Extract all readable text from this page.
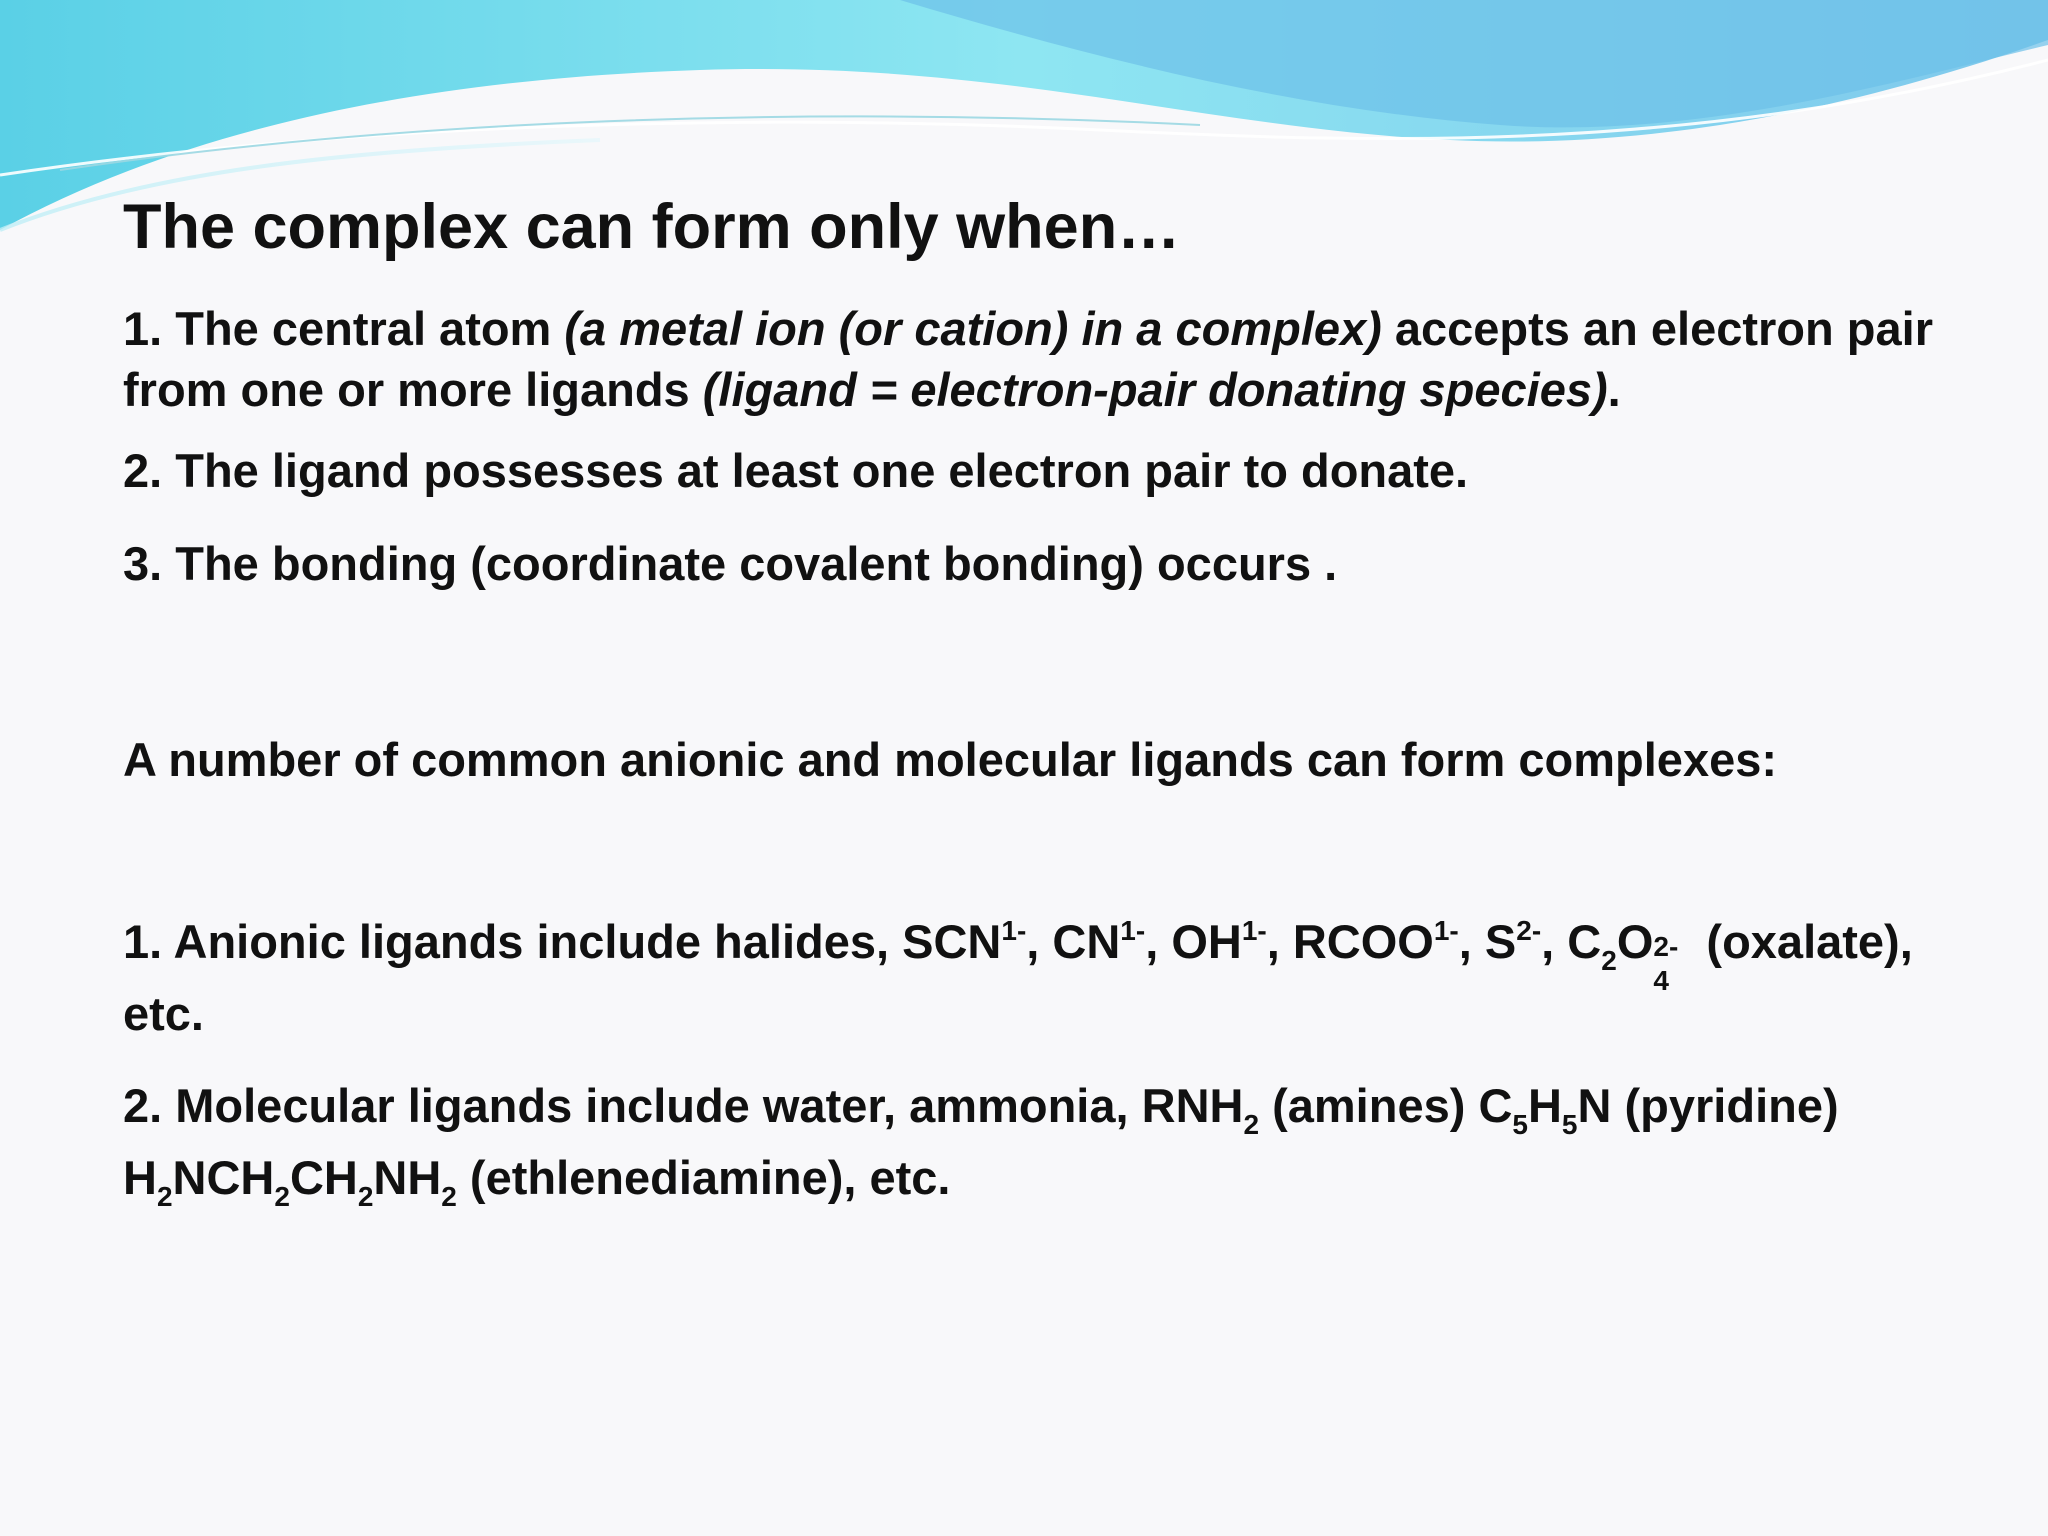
The complex can form only when…

1. The central atom (a metal ion (or cation) in a complex) accepts an electron pair from one or more ligands (ligand = electron-pair donating species).

2. The ligand possesses at least one electron pair to donate.

3. The bonding (coordinate covalent bonding) occurs .

A number of common anionic and molecular ligands can form complexes:

1. Anionic ligands include halides, $SCN^{1-}$, $CN^{1-}$, $OH^{1-}$, $RCOO^{1-}$, $S^{2-}$, $C_2O$
4
2- (oxalate), etc.

2. Molecular ligands include water, ammonia, $RNH_2$ (amines) $C_5H_5N$ (pyridine) $H_2NCH_2CH_2NH_2$ (ethlenediamine), etc.
